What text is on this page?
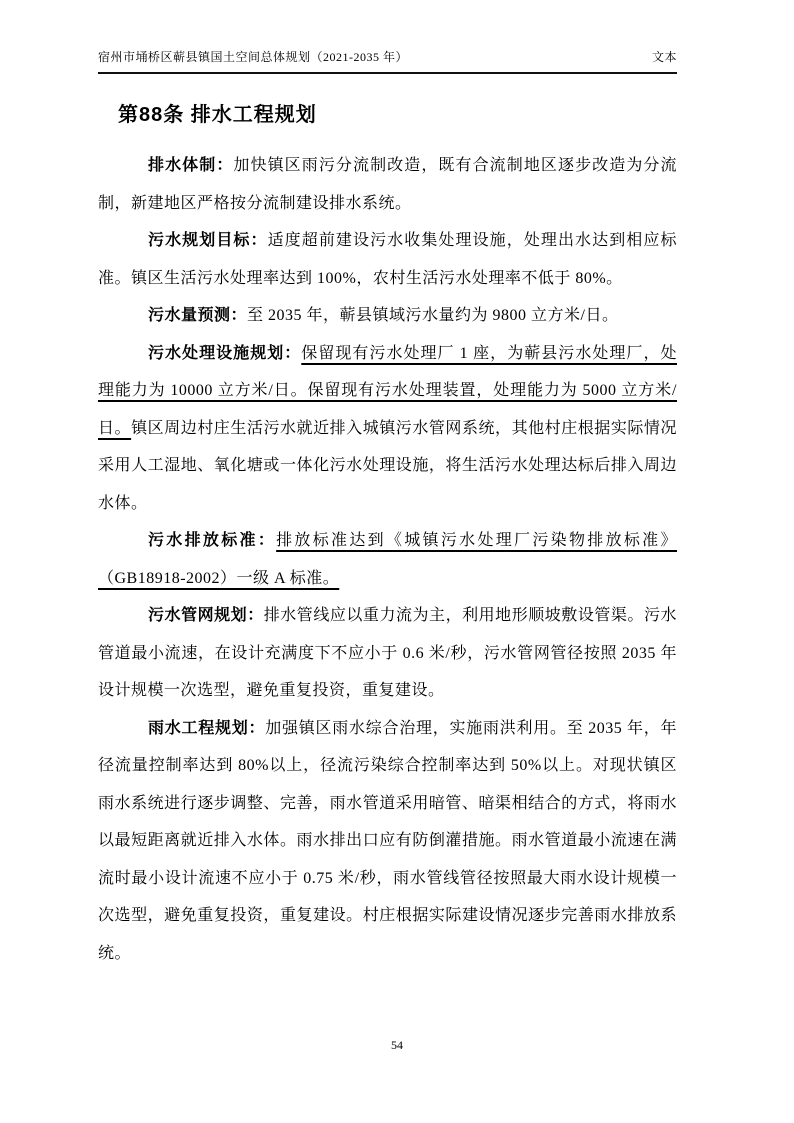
宿州市埇桥区蕲县镇国土空间总体规划（2021-2035 年）	文本
第88条 排水工程规划

排水体制：加快镇区雨污分流制改造，既有合流制地区逐步改造为分流制，新建地区严格按分流制建设排水系统。

污水规划目标：适度超前建设污水收集处理设施，处理出水达到相应标准。镇区生活污水处理率达到 100%，农村生活污水处理率不低于 80%。

污水量预测：至 2035 年，蕲县镇域污水量约为 9800 立方米/日。

污水处理设施规划：保留现有污水处理厂 1 座，为蕲县污水处理厂，处理能力为 10000 立方米/日。保留现有污水处理装置，处理能力为 5000 立方米/日。镇区周边村庄生活污水就近排入城镇污水管网系统，其他村庄根据实际情况采用人工湿地、氧化塘或一体化污水处理设施，将生活污水处理达标后排入周边水体。

污水排放标准：排放标准达到《城镇污水处理厂污染物排放标准》（GB18918-2002）一级 A 标准。

污水管网规划：排水管线应以重力流为主，利用地形顺坡敷设管渠。污水管道最小流速，在设计充满度下不应小于 0.6 米/秒，污水管网管径按照 2035 年设计规模一次选型，避免重复投资，重复建设。

雨水工程规划：加强镇区雨水综合治理，实施雨洪利用。至 2035 年，年径流量控制率达到 80%以上，径流污染综合控制率达到 50%以上。对现状镇区雨水系统进行逐步调整、完善，雨水管道采用暗管、暗渠相结合的方式，将雨水以最短距离就近排入水体。雨水排出口应有防倒灌措施。雨水管道最小流速在满流时最小设计流速不应小于 0.75 米/秒，雨水管线管径按照最大雨水设计规模一次选型，避免重复投资，重复建设。村庄根据实际建设情况逐步完善雨水排放系统。

54
